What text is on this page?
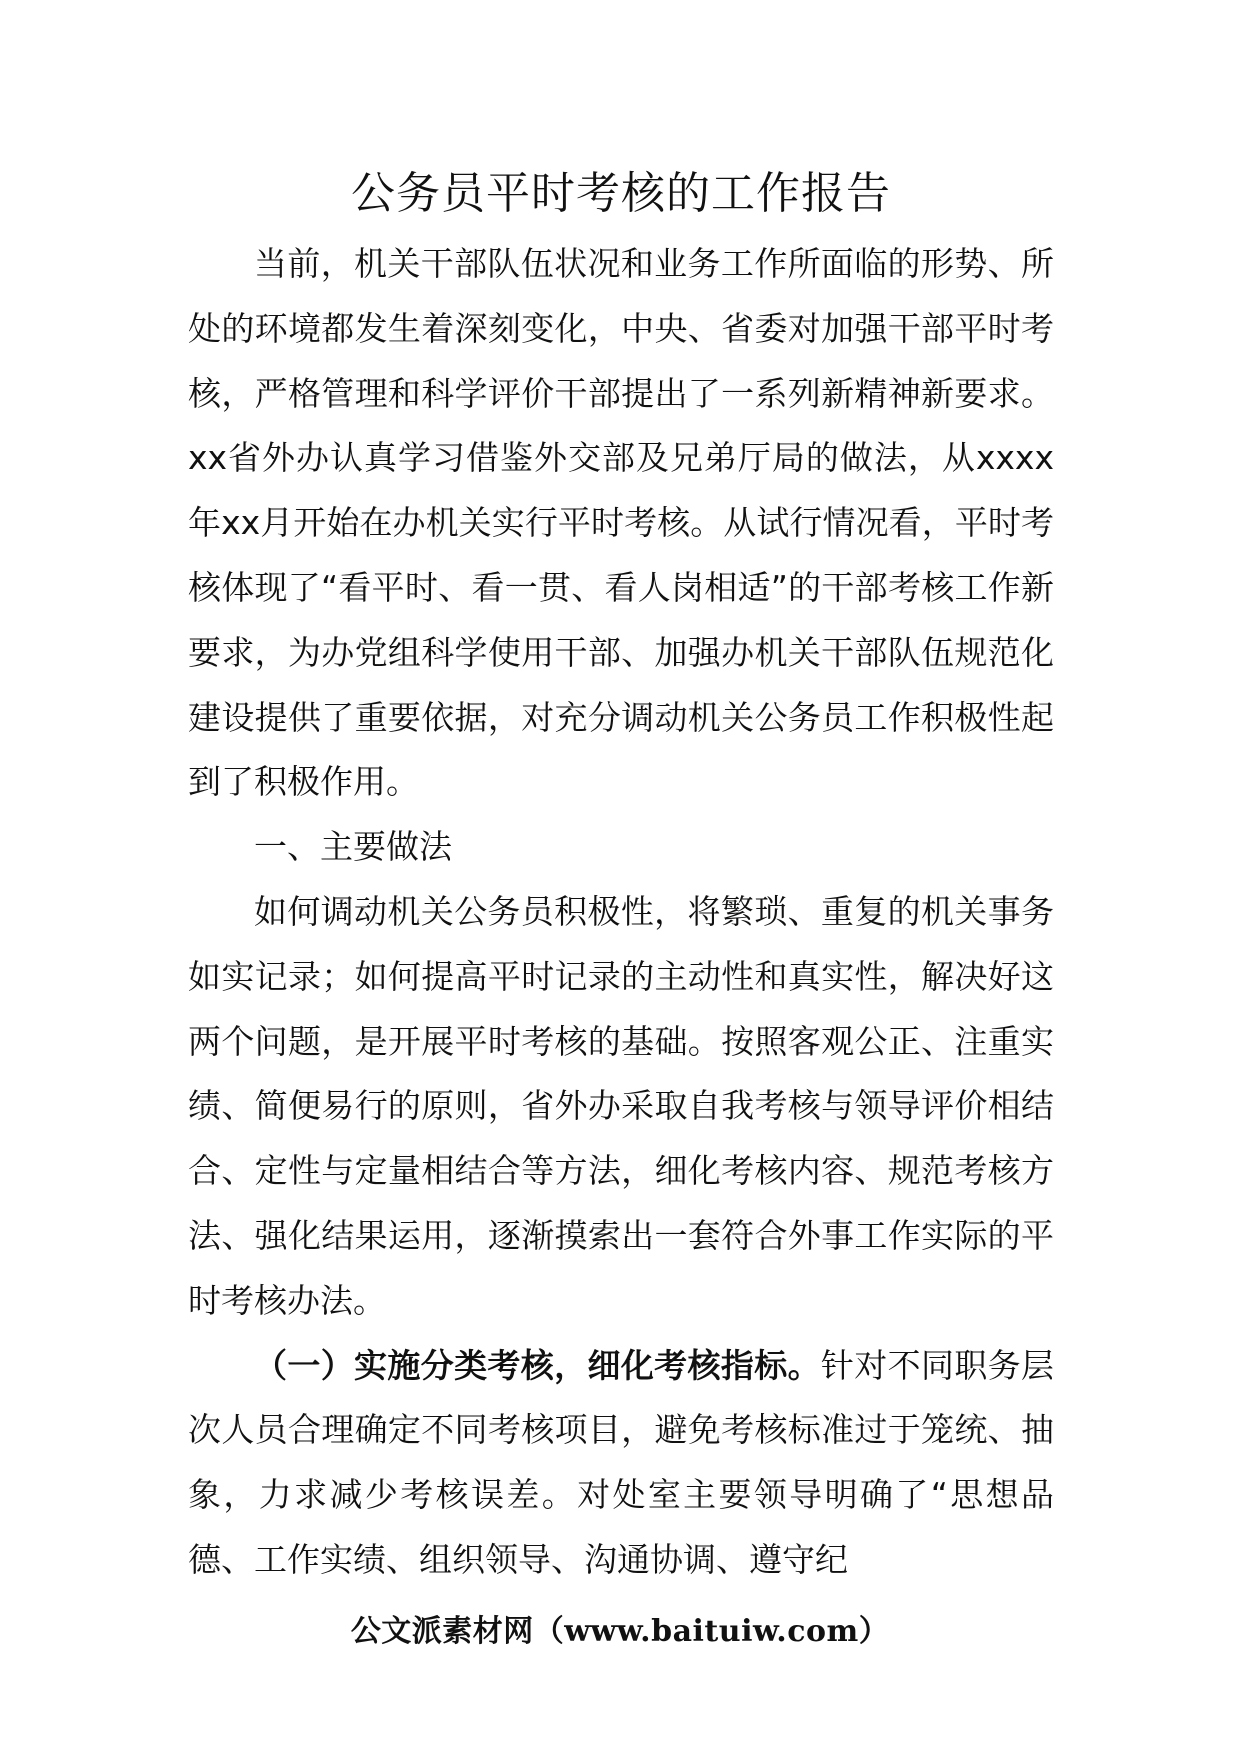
公务员平时考核的工作报告

当前，机关干部队伍状况和业务工作所面临的形势、所处的环境都发生着深刻变化，中央、省委对加强干部平时考核，严格管理和科学评价干部提出了一系列新精神新要求。xx省外办认真学习借鉴外交部及兄弟厅局的做法，从xxxx年xx月开始在办机关实行平时考核。从试行情况看，平时考核体现了“看平时、看一贯、看人岗相适”的干部考核工作新要求，为办党组科学使用干部、加强办机关干部队伍规范化建设提供了重要依据，对充分调动机关公务员工作积极性起到了积极作用。

一、主要做法

如何调动机关公务员积极性，将繁琐、重复的机关事务如实记录；如何提高平时记录的主动性和真实性，解决好这两个问题，是开展平时考核的基础。按照客观公正、注重实绩、简便易行的原则，省外办采取自我考核与领导评价相结合、定性与定量相结合等方法，细化考核内容、规范考核方法、强化结果运用，逐渐摸索出一套符合外事工作实际的平时考核办法。

（一）实施分类考核，细化考核指标。针对不同职务层次人员合理确定不同考核项目，避免考核标准过于笼统、抽象，力求减少考核误差。对处室主要领导明确了“思想品德、工作实绩、组织领导、沟通协调、遵守纪

公文派素材网（www.baituiw.com）
